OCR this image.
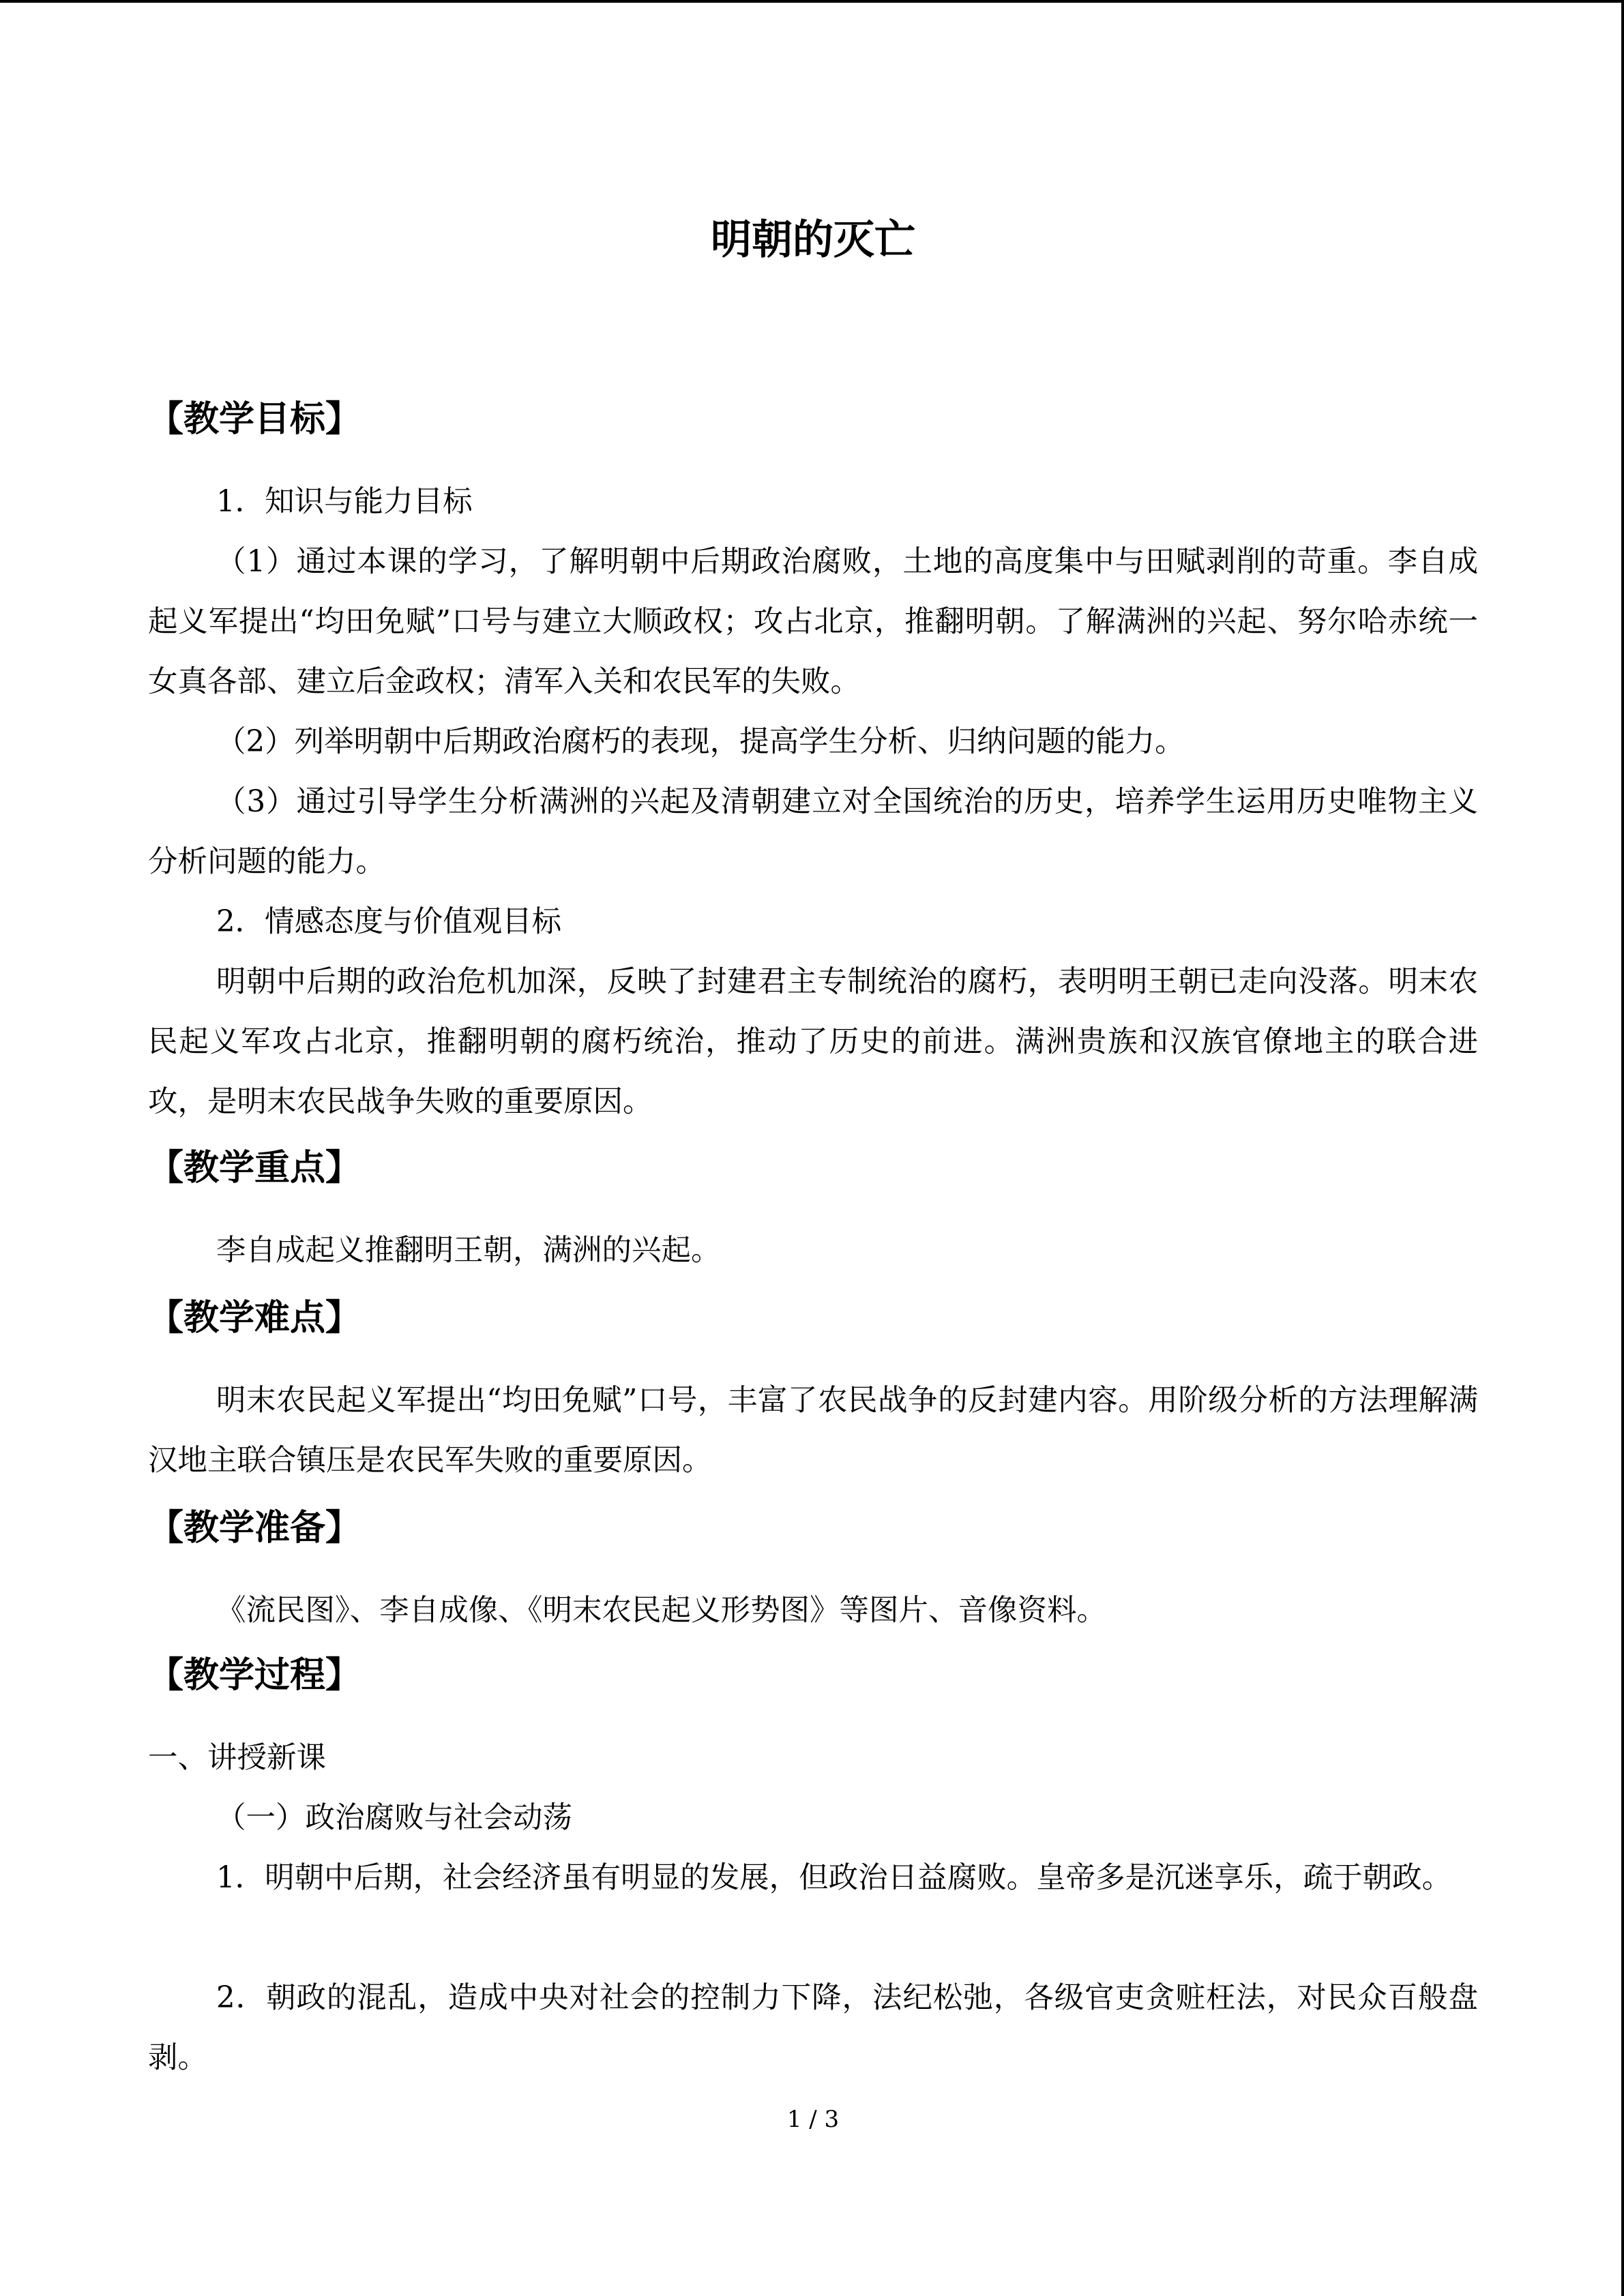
明朝的灭亡
【教学目标】
1．知识与能力目标
（1）通过本课的学习，了解明朝中后期政治腐败，土地的高度集中与田赋剥削的苛重。李自成起义军提出“均田免赋”口号与建立大顺政权；攻占北京，推翻明朝。了解满洲的兴起、努尔哈赤统一女真各部、建立后金政权；清军入关和农民军的失败。
（2）列举明朝中后期政治腐朽的表现，提高学生分析、归纳问题的能力。
（3）通过引导学生分析满洲的兴起及清朝建立对全国统治的历史，培养学生运用历史唯物主义分析问题的能力。
2．情感态度与价值观目标
明朝中后期的政治危机加深，反映了封建君主专制统治的腐朽，表明明王朝已走向没落。明末农民起义军攻占北京，推翻明朝的腐朽统治，推动了历史的前进。满洲贵族和汉族官僚地主的联合进攻，是明末农民战争失败的重要原因。
【教学重点】
李自成起义推翻明王朝，满洲的兴起。
【教学难点】
明末农民起义军提出“均田免赋”口号，丰富了农民战争的反封建内容。用阶级分析的方法理解满汉地主联合镇压是农民军失败的重要原因。
【教学准备】
《流民图》、李自成像、《明末农民起义形势图》等图片、音像资料。
【教学过程】
一、讲授新课
（一）政治腐败与社会动荡
1．明朝中后期，社会经济虽有明显的发展，但政治日益腐败。皇帝多是沉迷享乐，疏于朝政。
2．朝政的混乱，造成中央对社会的控制力下降，法纪松弛，各级官吏贪赃枉法，对民众百般盘剥。
1 / 3
